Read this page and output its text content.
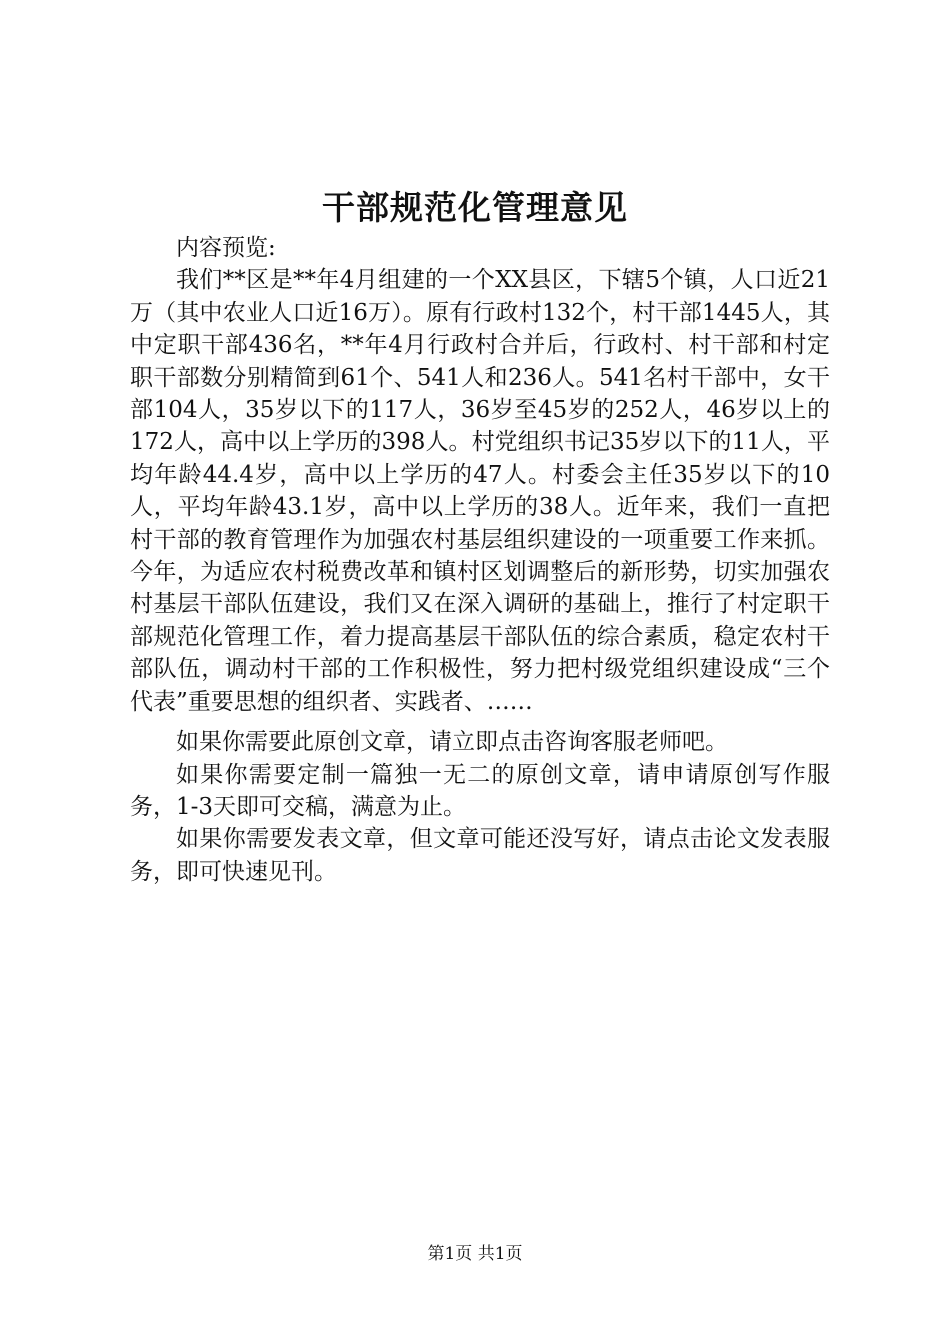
干部规范化管理意见

内容预览:

我们**区是**年4月组建的一个XX县区，下辖5个镇，人口近21万（其中农业人口近16万）。原有行政村132个，村干部1445人，其中定职干部436名，**年4月行政村合并后，行政村、村干部和村定职干部数分别精简到61个、541人和236人。541名村干部中，女干部104人，35岁以下的117人，36岁至45岁的252人，46岁以上的172人，高中以上学历的398人。村党组织书记35岁以下的11人，平均年龄44.4岁，高中以上学历的47人。村委会主任35岁以下的10人，平均年龄43.1岁，高中以上学历的38人。近年来，我们一直把村干部的教育管理作为加强农村基层组织建设的一项重要工作来抓。今年，为适应农村税费改革和镇村区划调整后的新形势，切实加强农村基层干部队伍建设，我们又在深入调研的基础上，推行了村定职干部规范化管理工作，着力提高基层干部队伍的综合素质，稳定农村干部队伍，调动村干部的工作积极性，努力把村级党组织建设成“三个代表”重要思想的组织者、实践者、……

如果你需要此原创文章，请立即点击咨询客服老师吧。

如果你需要定制一篇独一无二的原创文章，请申请原创写作服务，1-3天即可交稿，满意为止。

如果你需要发表文章，但文章可能还没写好，请点击论文发表服务，即可快速见刊。

第1页 共1页
